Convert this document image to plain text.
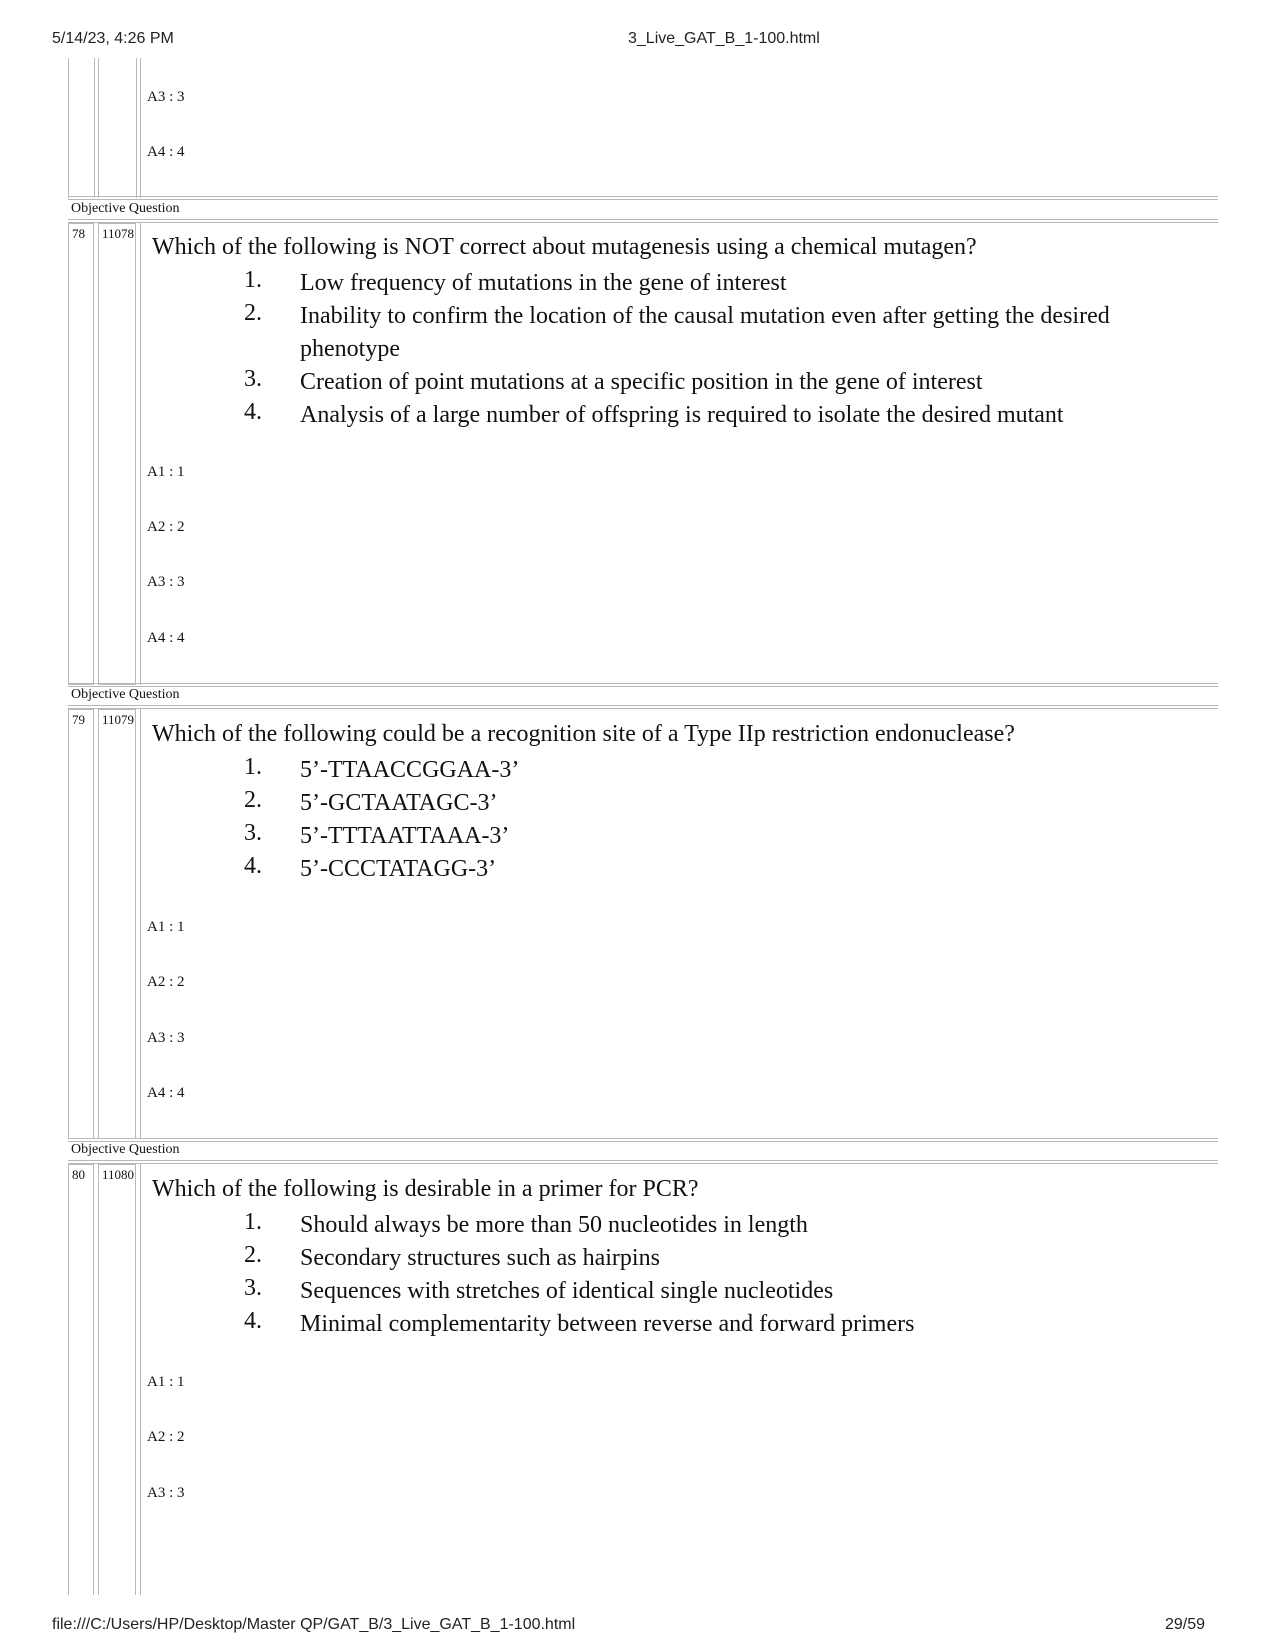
5/14/23, 4:26 PM	3_Live_GAT_B_1-100.html
A3 : 3
A4 : 4
Objective Question
78	11078
Which of the following is NOT correct about mutagenesis using a chemical mutagen?
1. Low frequency of mutations in the gene of interest
2. Inability to confirm the location of the causal mutation even after getting the desired phenotype
3. Creation of point mutations at a specific position in the gene of interest
4. Analysis of a large number of offspring is required to isolate the desired mutant
A1 : 1
A2 : 2
A3 : 3
A4 : 4
Objective Question
79	11079
Which of the following could be a recognition site of a Type IIp restriction endonuclease?
1. 5’-TTAACCGGAA-3’
2. 5’-GCTAATAGC-3’
3. 5’-TTTAATTAAA-3’
4. 5’-CCCTATAGG-3’
A1 : 1
A2 : 2
A3 : 3
A4 : 4
Objective Question
80	11080
Which of the following is desirable in a primer for PCR?
1. Should always be more than 50 nucleotides in length
2. Secondary structures such as hairpins
3. Sequences with stretches of identical single nucleotides
4. Minimal complementarity between reverse and forward primers
A1 : 1
A2 : 2
A3 : 3
file:///C:/Users/HP/Desktop/Master QP/GAT_B/3_Live_GAT_B_1-100.html	29/59
